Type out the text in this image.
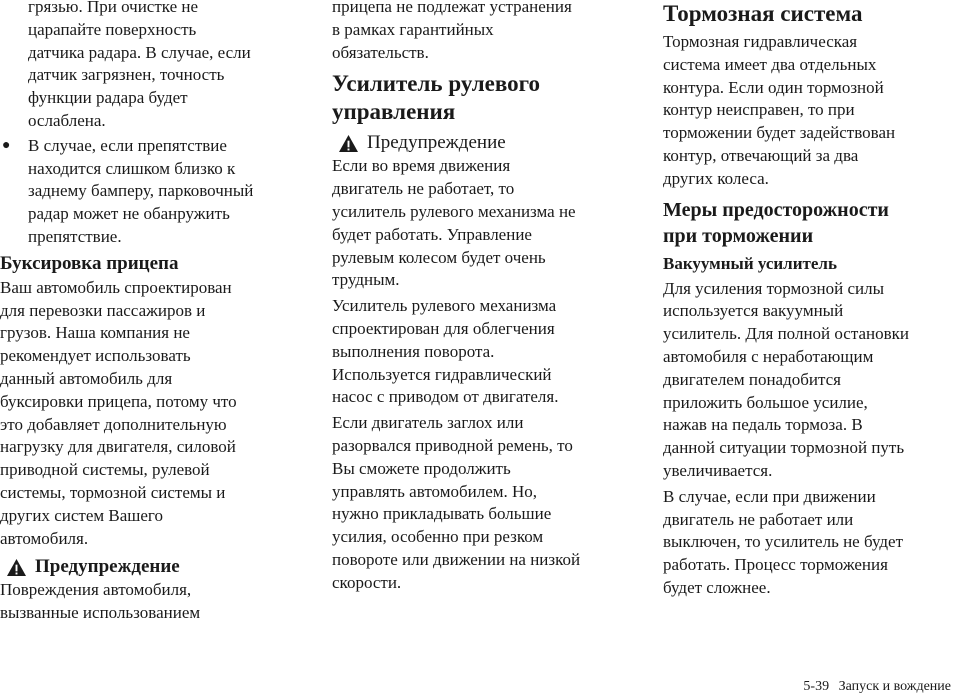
грязью. При очистке не
царапайте поверхность
датчика радара. В случае, если
датчик загрязнен, точность
функции радара будет
ослаблена.
● В случае, если препятствие
находится слишком близко к
заднему бамперу, парковочный
радар может не обанружить
препятствие.
Буксировка прицепа
Ваш автомобиль спроектирован
для перевозки пассажиров и
грузов. Наша компания не
рекомендует использовать
данный автомобиль для
буксировки прицепа, потому что
это добавляет дополнительную
нагрузку для двигателя, силовой
приводной системы, рулевой
системы, тормозной системы и
других систем Вашего
автомобиля.
Предупреждение
Повреждения автомобиля,
вызванные использованием
прицепа не подлежат устранения
в рамках гарантийных
обязательств.
Усилитель рулевого
управления
Предупреждение
Если во время движения
двигатель не работает, то
усилитель рулевого механизма не
будет работать. Управление
рулевым колесом будет очень
трудным.
Усилитель рулевого механизма
спроектирован для облегчения
выполнения поворота.
Используется гидравлический
насос с приводом от двигателя.
Если двигатель заглох или
разорвался приводной ремень, то
Вы сможете продолжить
управлять автомобилем. Но,
нужно прикладывать большие
усилия, особенно при резком
повороте или движении на низкой
скорости.
Тормозная система
Тормозная гидравлическая
система имеет два отдельных
контура. Если один тормозной
контур неисправен, то при
торможении будет задействован
контур, отвечающий за два
других колеса.
Меры предосторожности
при торможении
Вакуумный усилитель
Для усиления тормозной силы
используется вакуумный
усилитель. Для полной остановки
автомобиля с неработающим
двигателем понадобится
приложить большое усилие,
нажав на педаль тормоза. В
данной ситуации тормозной путь
увеличивается.
В случае, если при движении
двигатель не работает или
выключен, то усилитель не будет
работать. Процесс торможения
будет сложнее.
5-39 Запуск и вождение
